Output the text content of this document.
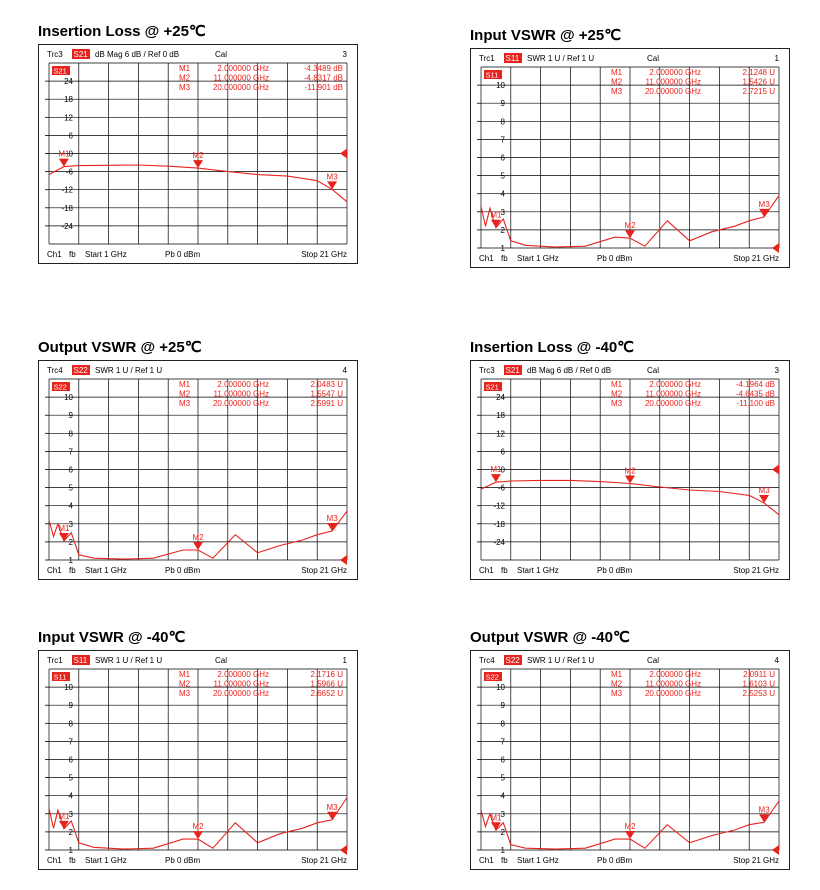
Insertion Loss @ +25℃
Trc3 S21 dB Mag 6 dB / Ref 0 dB	Cal	3
24
18
12
6
0
-6
-12
-18
-24
S21	M1	2.000000 GHz	-4.3489 dB
M2	11.000000 GHz	-4.8317 dB
M3	20.000000 GHz	-11.901 dB
M1	M2
M3
Ch1 fb Start 1 GHz	Pb 0 dBm	Stop 21 GHz
Input VSWR @ +25℃
Trc1 S11 SWR 1 U / Ref 1 U	Cal	1
10
9
8
7
6
5
4
3
2
1
S11	M1	2.000000 GHz	2.1248 U
M2	11.000000 GHz	1.5426 U
M3	20.000000 GHz	2.7215 U
M1
M2
M3
Ch1 fb Start 1 GHz	Pb 0 dBm	Stop 21 GHz
Output VSWR @ +25℃
Trc4 S22 SWR 1 U / Ref 1 U	4
10
9
8
7
6
5
4
3
2
1
S22	M1	2.000000 GHz	2.0483 U
M2	11.000000 GHz	1.5547 U
M3	20.000000 GHz	2.5991 U
M1
M2
M3
Ch1 fb Start 1 GHz	Pb 0 dBm	Stop 21 GHz
Insertion Loss @ -40℃
Trc3 S21 dB Mag 6 dB / Ref 0 dB	Cal	3
24
18
12
6
0
-6
-12
-18
-24
S21	M1	2.000000 GHz	-4.1964 dB
M2	11.000000 GHz	-4.6435 dB
M3	20.000000 GHz	-11.100 dB
M1	M2
M3
Ch1 fb Start 1 GHz	Pb 0 dBm	Stop 21 GHz
Input VSWR @ -40℃
Trc1 S11 SWR 1 U / Ref 1 U	Cal	1
10
9
8
7
6
5
4
3
2
1
S11	M1	2.000000 GHz	2.1716 U
M2	11.000000 GHz	1.5966 U
M3	20.000000 GHz	2.6652 U
M1
M2
M3
Ch1 fb Start 1 GHz	Pb 0 dBm	Stop 21 GHz
Output VSWR @ -40℃
Trc4 S22 SWR 1 U / Ref 1 U	Cal	4
10
9
8
7
6
5
4
3
2
1
S22	M1	2.000000 GHz	2.0911 U
M2	11.000000 GHz	1.6103 U
M3	20.000000 GHz	2.5253 U
M1
M2
M3
Ch1 fb Start 1 GHz	Pb 0 dBm	Stop 21 GHz
